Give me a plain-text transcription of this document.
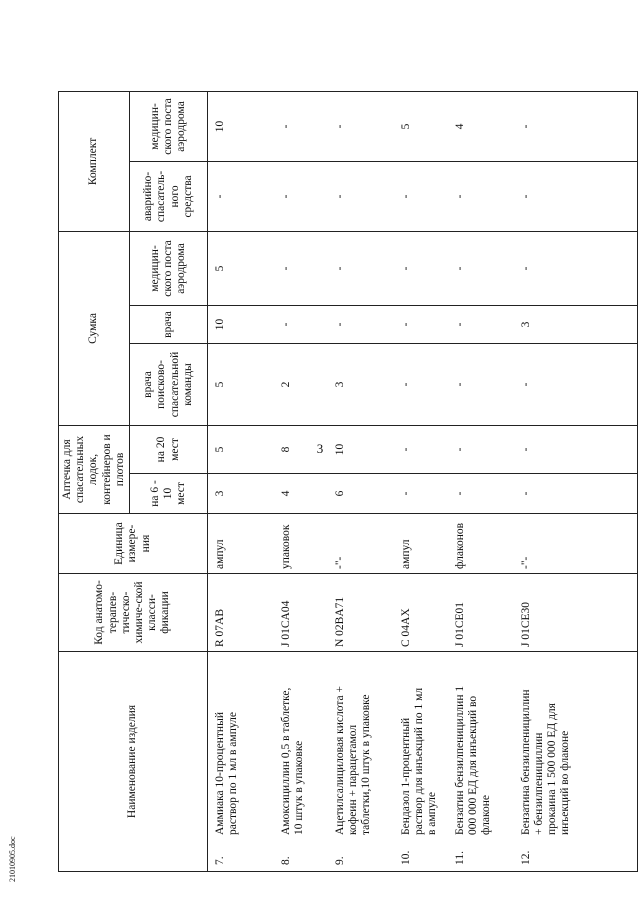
3
21010905.doc
Наименование изделия	Код анатомо-терапев-тическо-химиче-ской класси-фикации	Единица измере-ния	Аптечка для спасательных лодок, контейнеров и плотов		Сумка			Комплект	
			на 6 - 10 мест	на 20 мест	врача поисково-спасательной команды	врача	медицин-ского поста аэродрома	аварийно-спасатель-ного средства	медицин-ского поста аэродрома
7.Аммиака 10-процентный раствор по 1 мл в ампуле	R 07AB	ампул	3	5	5	10	5	-	10
8.Амоксициллин 0,5 в таблетке, 10 штук в упаковке	J 01CA04	упаковок	4	8	2	-	-	-	-
9.Ацетилсалициловая кислота + кофеин + парацетамол таблетки,10 штук в упаковке	N 02BA71	-"-	6	10	3	-	-	-	-
10.Бендазол 1-процентный раствор для инъекций по 1 мл в ампуле	C 04AX	ампул	-	-	-	-	-	-	5
11.Бензатин бензилпенициллин 1 000 000 ЕД для инъекций во флаконе	J 01CE01	флаконов	-	-	-	-	-	-	4
12.Бензатина бензилпенициллин + бензилпенициллин прокаина 1 500 000 ЕД для инъекций во флаконе	J 01CE30	-"-	-	-	-	3	-	-	-
